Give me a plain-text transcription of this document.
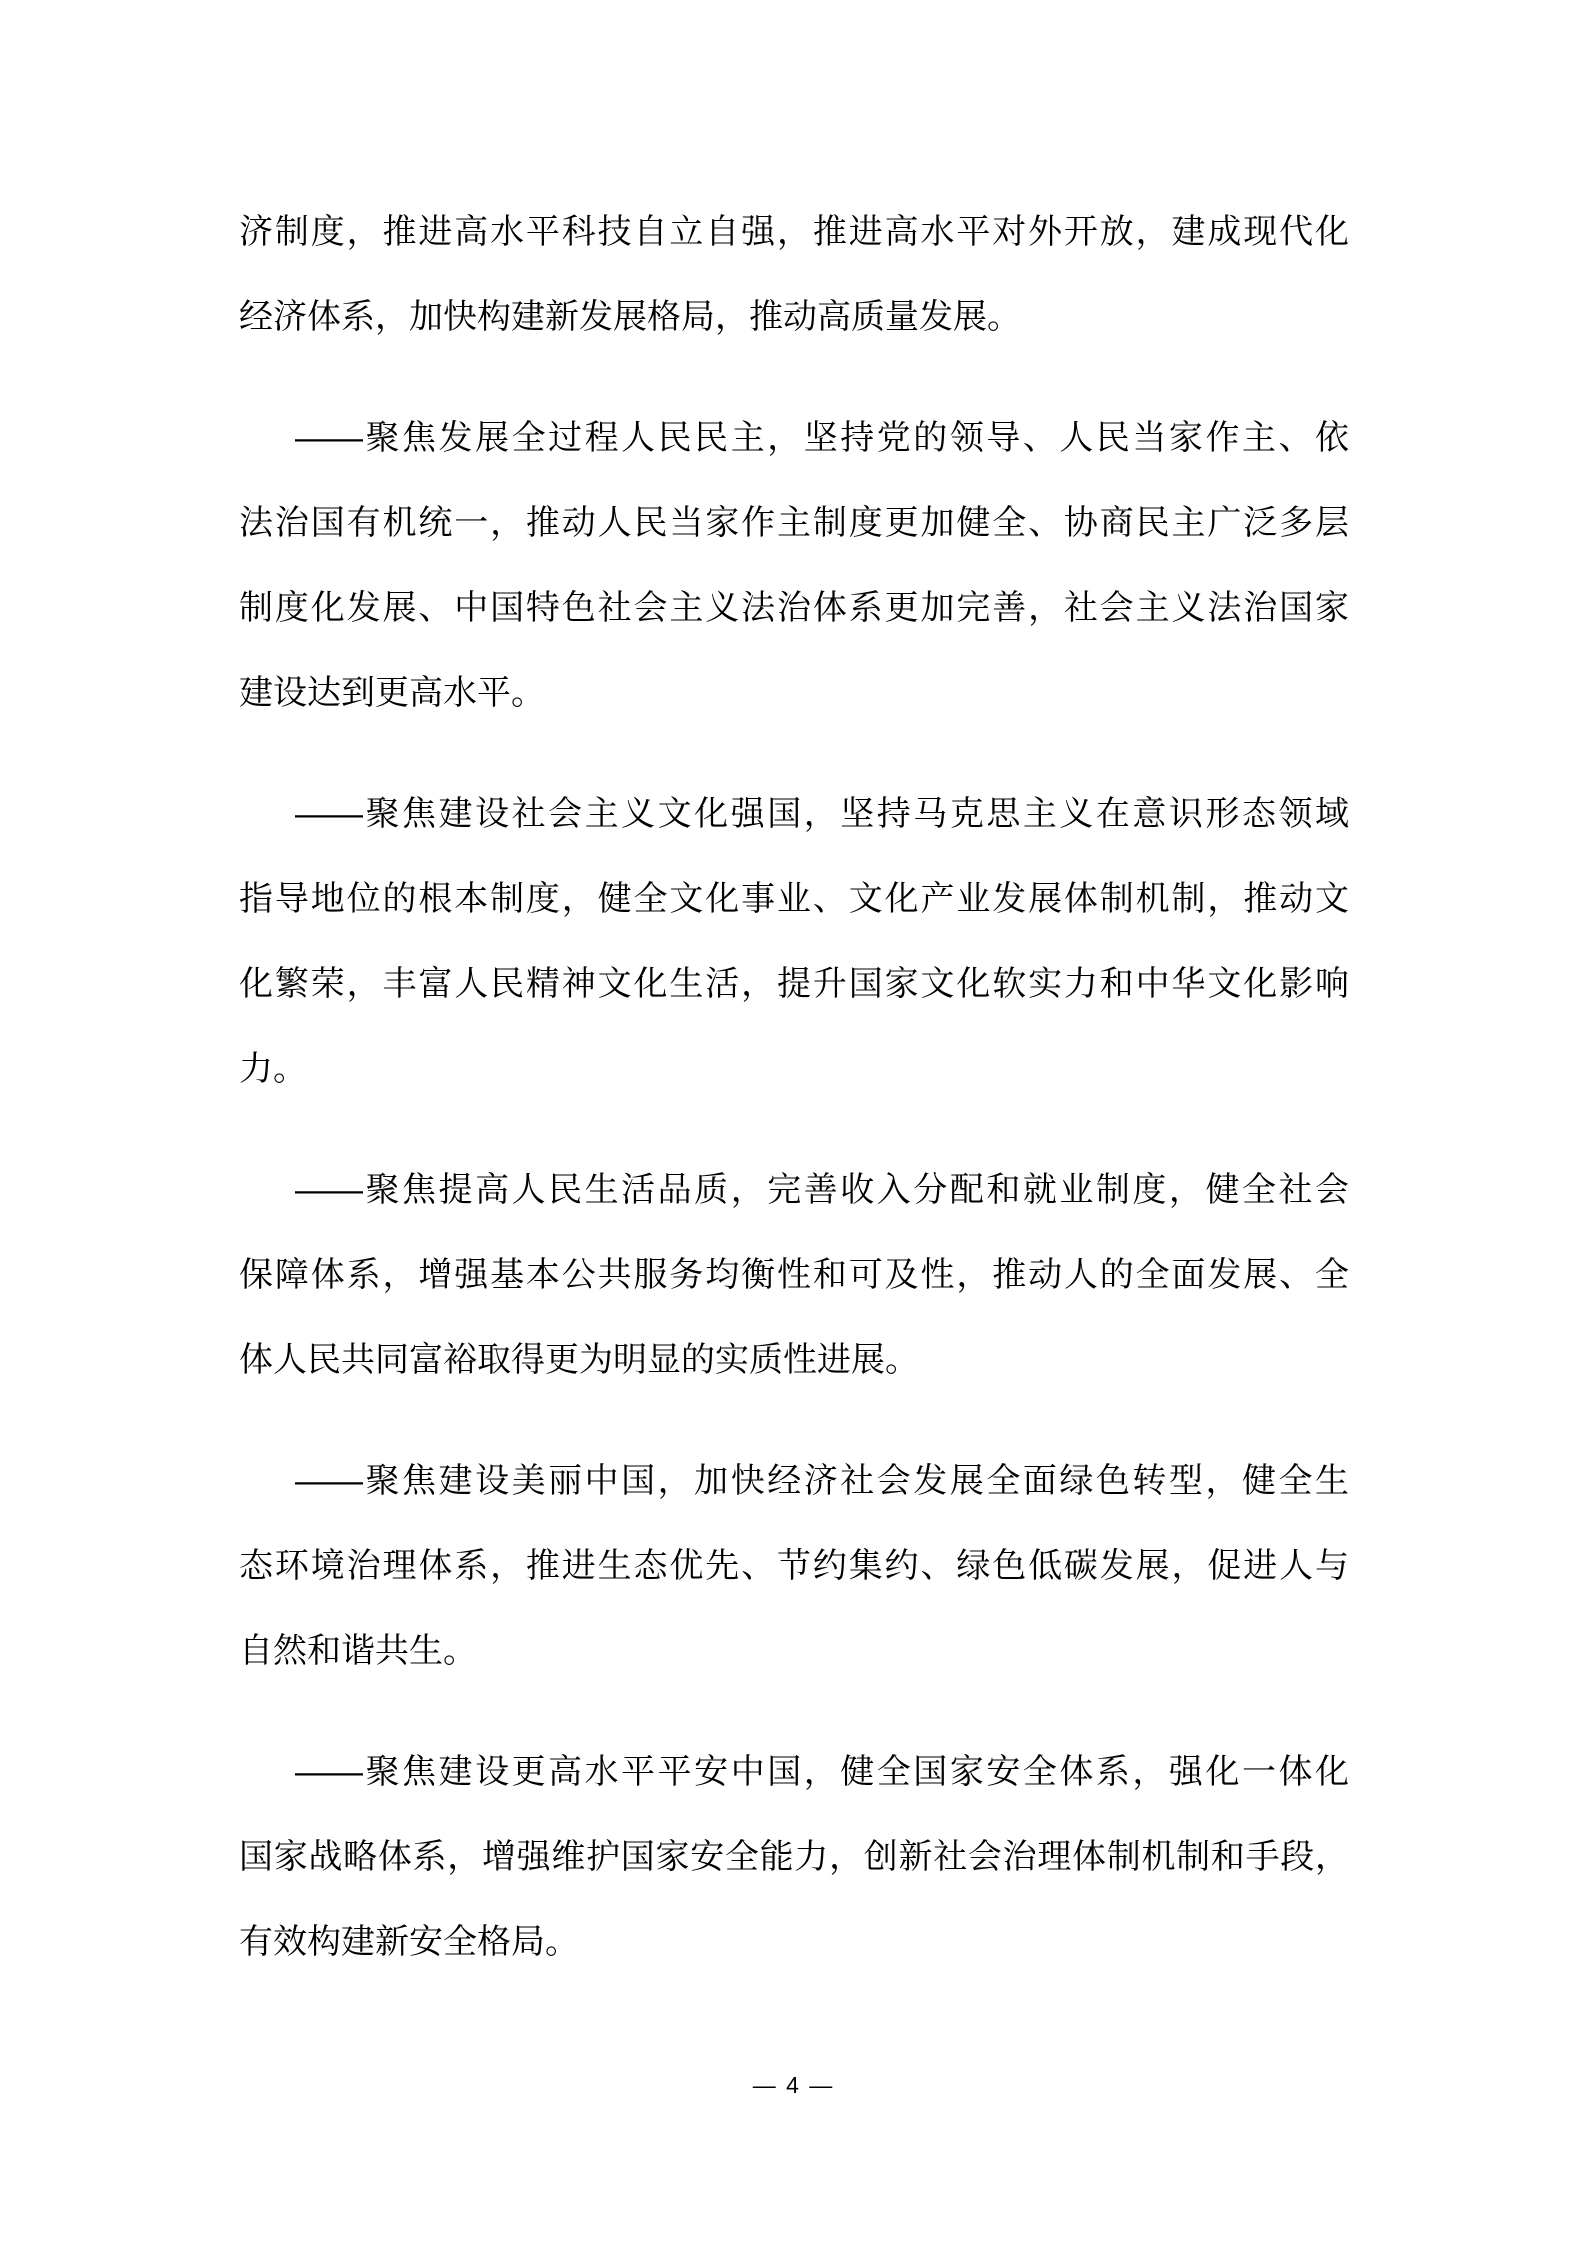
济制度，推进高水平科技自立自强，推进高水平对外开放，建成现代化
经济体系，加快构建新发展格局，推动高质量发展。
——聚焦发展全过程人民民主，坚持党的领导、人民当家作主、依
法治国有机统一，推动人民当家作主制度更加健全、协商民主广泛多层
制度化发展、中国特色社会主义法治体系更加完善，社会主义法治国家
建设达到更高水平。
——聚焦建设社会主义文化强国，坚持马克思主义在意识形态领域
指导地位的根本制度，健全文化事业、文化产业发展体制机制，推动文
化繁荣，丰富人民精神文化生活，提升国家文化软实力和中华文化影响
力。
——聚焦提高人民生活品质，完善收入分配和就业制度，健全社会
保障体系，增强基本公共服务均衡性和可及性，推动人的全面发展、全
体人民共同富裕取得更为明显的实质性进展。
——聚焦建设美丽中国，加快经济社会发展全面绿色转型，健全生
态环境治理体系，推进生态优先、节约集约、绿色低碳发展，促进人与
自然和谐共生。
——聚焦建设更高水平平安中国，健全国家安全体系，强化一体化
国家战略体系，增强维护国家安全能力，创新社会治理体制机制和手段，
有效构建新安全格局。
— 4 —
